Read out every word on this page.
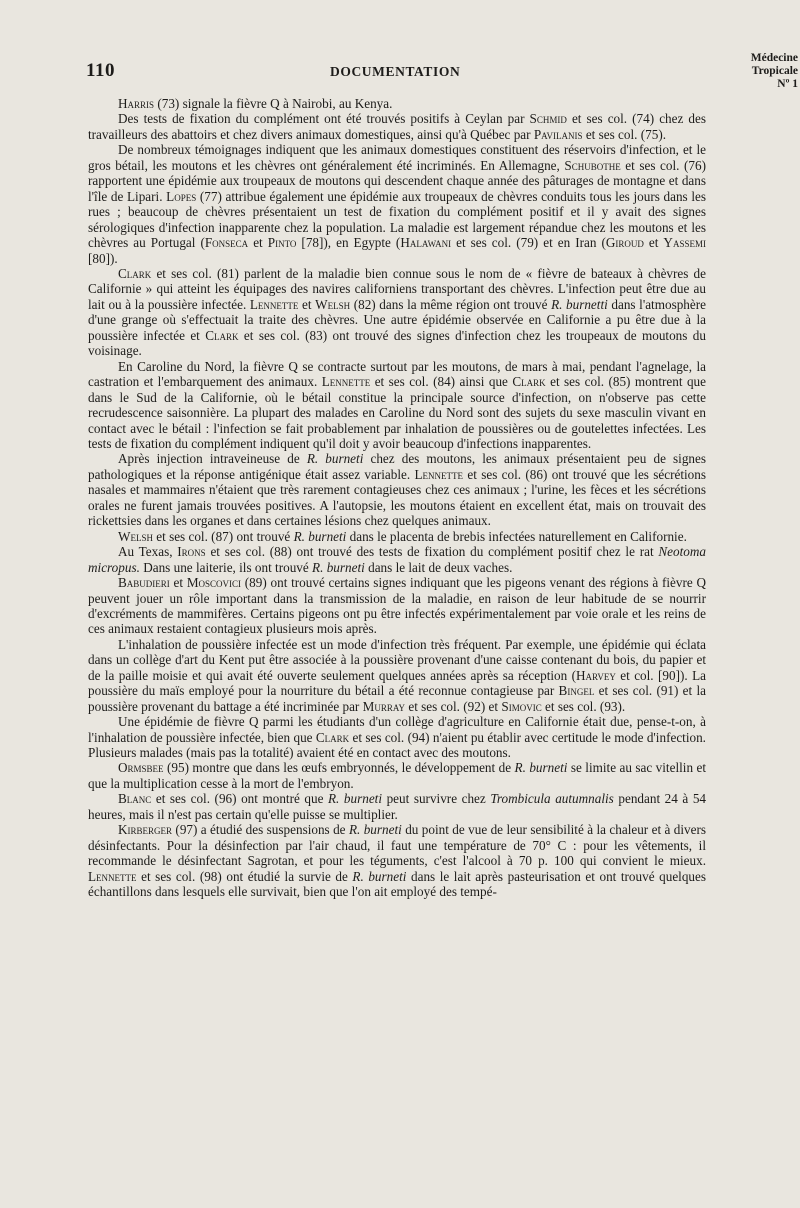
110	DOCUMENTATION
Médecine
Tropicale
Nº 1

Harris (73) signale la fièvre Q à Nairobi, au Kenya.

Des tests de fixation du complément ont été trouvés positifs à Ceylan par Schmid et ses col. (74) chez des travailleurs des abattoirs et chez divers animaux domestiques, ainsi qu'à Québec par Pavilanis et ses col. (75).

De nombreux témoignages indiquent que les animaux domestiques constituent des réservoirs d'infection, et le gros bétail, les moutons et les chèvres ont généralement été incriminés. En Allemagne, Schubothe et ses col. (76) rapportent une épidémie aux troupeaux de moutons qui descendent chaque année des pâturages de montagne et dans l'île de Lipari. Lopes (77) attribue également une épidémie aux troupeaux de chèvres conduits tous les jours dans les rues ; beaucoup de chèvres présentaient un test de fixation du complément positif et il y avait des signes sérologiques d'infection inapparente chez la population. La maladie est largement répandue chez les moutons et les chèvres au Portugal (Fonseca et Pinto [78]), en Egypte (Halawani et ses col. (79) et en Iran (Giroud et Yassemi [80]).

Clark et ses col. (81) parlent de la maladie bien connue sous le nom de « fièvre de bateaux à chèvres de Californie » qui atteint les équipages des navires californiens transportant des chèvres. L'infection peut être due au lait ou à la poussière infectée. Lennette et Welsh (82) dans la même région ont trouvé R. burnetti dans l'atmosphère d'une grange où s'effectuait la traite des chèvres. Une autre épidémie observée en Californie a pu être due à la poussière infectée et Clark et ses col. (83) ont trouvé des signes d'infection chez les troupeaux de moutons du voisinage.

En Caroline du Nord, la fièvre Q se contracte surtout par les moutons, de mars à mai, pendant l'agnelage, la castration et l'embarquement des animaux. Lennette et ses col. (84) ainsi que Clark et ses col. (85) montrent que dans le Sud de la Californie, où le bétail constitue la principale source d'infection, on n'observe pas cette recrudescence saisonnière. La plupart des malades en Caroline du Nord sont des sujets du sexe masculin vivant en contact avec le bétail : l'infection se fait probablement par inhalation de poussières ou de goutelettes infectées. Les tests de fixation du complément indiquent qu'il doit y avoir beaucoup d'infections inapparentes.

Après injection intraveineuse de R. burneti chez des moutons, les animaux présentaient peu de signes pathologiques et la réponse antigénique était assez variable. Lennette et ses col. (86) ont trouvé que les sécrétions nasales et mammaires n'étaient que très rarement contagieuses chez ces animaux ; l'urine, les fèces et les sécrétions orales ne furent jamais trouvées positives. A l'autopsie, les moutons étaient en excellent état, mais on trouvait des rickettsies dans les organes et dans certaines lésions chez quelques animaux.

Welsh et ses col. (87) ont trouvé R. burneti dans le placenta de brebis infectées naturellement en Californie.

Au Texas, Irons et ses col. (88) ont trouvé des tests de fixation du complément positif chez le rat Neotoma micropus. Dans une laiterie, ils ont trouvé R. burneti dans le lait de deux vaches.

Babudieri et Moscovici (89) ont trouvé certains signes indiquant que les pigeons venant des régions à fièvre Q peuvent jouer un rôle important dans la transmission de la maladie, en raison de leur habitude de se nourrir d'excréments de mammifères. Certains pigeons ont pu être infectés expérimentalement par voie orale et les reins de ces animaux restaient contagieux plusieurs mois après.

L'inhalation de poussière infectée est un mode d'infection très fréquent. Par exemple, une épidémie qui éclata dans un collège d'art du Kent put être associée à la poussière provenant d'une caisse contenant du bois, du papier et de la paille moisie et qui avait été ouverte seulement quelques années après sa réception (Harvey et col. [90]). La poussière du maïs employé pour la nourriture du bétail a été reconnue contagieuse par Bingel et ses col. (91) et la poussière provenant du battage a été incriminée par Murray et ses col. (92) et Simovic et ses col. (93).

Une épidémie de fièvre Q parmi les étudiants d'un collège d'agriculture en Californie était due, pense-t-on, à l'inhalation de poussière infectée, bien que Clark et ses col. (94) n'aient pu établir avec certitude le mode d'infection. Plusieurs malades (mais pas la totalité) avaient été en contact avec des moutons.

Ormsbee (95) montre que dans les œufs embryonnés, le développement de R. burneti se limite au sac vitellin et que la multiplication cesse à la mort de l'embryon.

Blanc et ses col. (96) ont montré que R. burneti peut survivre chez Trombicula autumnalis pendant 24 à 54 heures, mais il n'est pas certain qu'elle puisse se multiplier.

Kirberger (97) a étudié des suspensions de R. burneti du point de vue de leur sensibilité à la chaleur et à divers désinfectants. Pour la désinfection par l'air chaud, il faut une température de 70° C : pour les vêtements, il recommande le désinfectant Sagrotan, et pour les téguments, c'est l'alcool à 70 p. 100 qui convient le mieux. Lennette et ses col. (98) ont étudié la survie de R. burneti dans le lait après pasteurisation et ont trouvé quelques échantillons dans lesquels elle survivait, bien que l'on ait employé des tempé-
